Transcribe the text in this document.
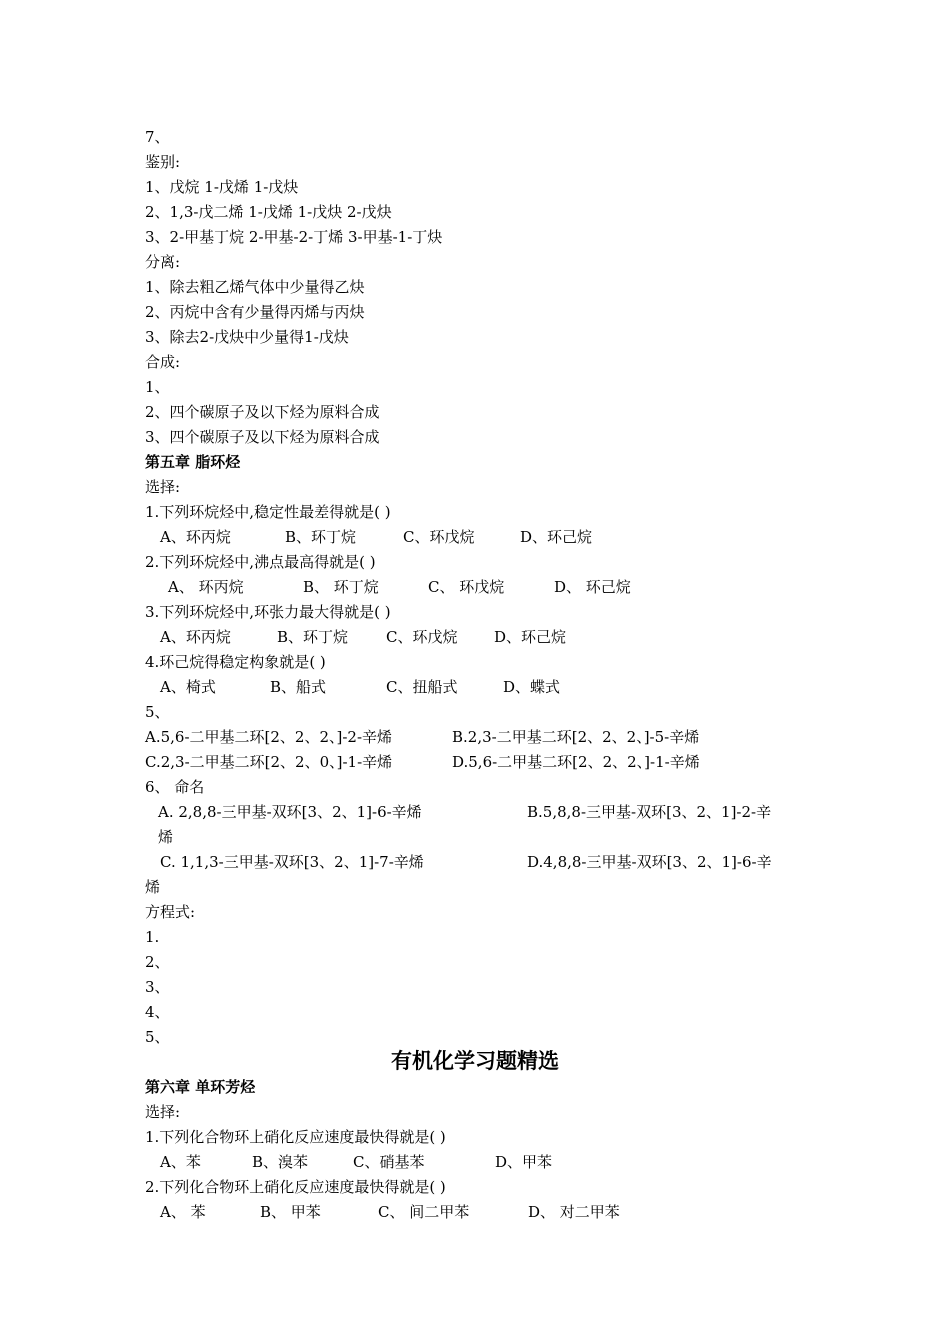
7、
鉴别:
1、戊烷 1-戊烯 1-戊炔
2、1,3-戊二烯 1-戊烯 1-戊炔 2-戊炔
3、2-甲基丁烷 2-甲基-2-丁烯 3-甲基-1-丁炔
分离:
1、除去粗乙烯气体中少量得乙炔
2、丙烷中含有少量得丙烯与丙炔
3、除去2-戊炔中少量得1-戊炔
合成:
1、
2、四个碳原子及以下烃为原料合成
3、四个碳原子及以下烃为原料合成
第五章 脂环烃
选择:
1.下列环烷烃中,稳定性最差得就是( )
2.下列环烷烃中,沸点最高得就是( )
3.下列环烷烃中,环张力最大得就是( )
4.环己烷得稳定构象就是( )
5、
6、 命名
方程式:
1.
2、
3、
4、
5、
第六章 单环芳烃
选择:
1.下列化合物环上硝化反应速度最快得就是( )
2.下列化合物环上硝化反应速度最快得就是( )
A、环丙烷	B、环丁烷	C、环戊烷	D、环己烷
A、 环丙烷	B、 环丁烷	C、 环戊烷	D、 环己烷
A、环丙烷	B、环丁烷	C、环戊烷 D、环己烷
A、椅式	B、船式	C、扭船式	D、蝶式
A.5,6-二甲基二环[2、2、2、]-2-辛烯	B.2,3-二甲基二环[2、2、2、]-5-辛烯
C.2,3-二甲基二环[2、2、0、]-1-辛烯	D.5,6-二甲基二环[2、2、2、]-1-辛烯
A. 2,8,8-三甲基-双环[3、2、1]-6-辛烯	B.5,8,8-三甲基-双环[3、2、1]-2-辛
烯
C. 1,1,3-三甲基-双环[3、2、1]-7-辛烯	D.4,8,8-三甲基-双环[3、2、1]-6-辛
烯
A、苯	B、溴苯	C、硝基苯	D、甲苯
A、 苯	B、 甲苯	C、 间二甲苯	D、 对二甲苯
有机化学习题精选
